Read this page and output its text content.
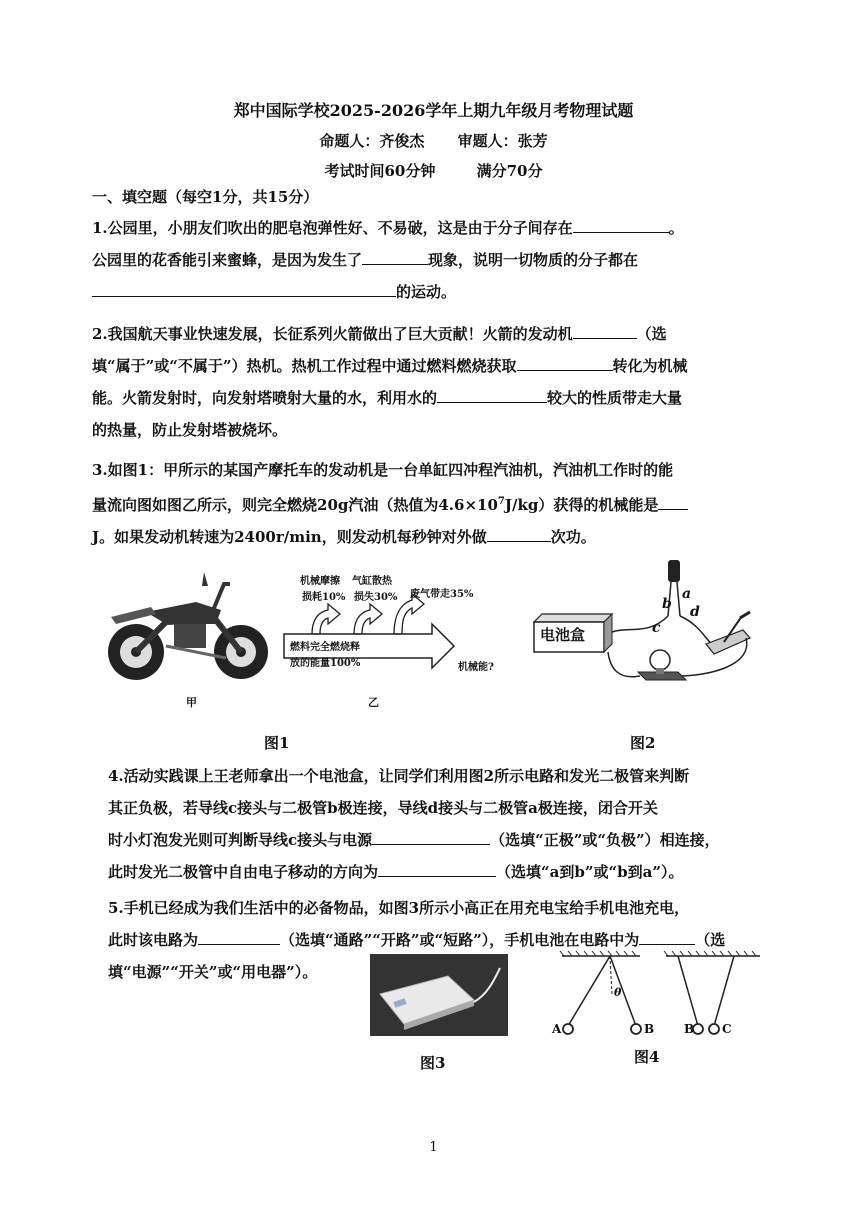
郑中国际学校2025-2026学年上期九年级月考物理试题
命题人：齐俊杰 审题人：张芳
考试时间60分钟	满分70分
一、填空题（每空1分，共15分）
1.公园里，小朋友们吹出的肥皂泡弹性好、不易破，这是由于分子间存在	。
公园里的花香能引来蜜蜂，是因为发生了	现象，说明一切物质的分子都在
的运动。
2.我国航天事业快速发展，长征系列火箭做出了巨大贡献！火箭的发动机	（选
填“属于”或“不属于”）热机。热机工作过程中通过燃料燃烧获取	转化为机械
能。火箭发射时，向发射塔喷射大量的水，利用水的	较大的性质带走大量
的热量，防止发射塔被烧坏。
3.如图1：甲所示的某国产摩托车的发动机是一台单缸四冲程汽油机，汽油机工作时的能
量流向图如图乙所示，则完全燃烧20g汽油（热值为$4.6\times 10^7J/kg$）获得的机械能是
J。如果发动机转速为2400r/min，则发动机每秒钟对外做	次功。
甲
机械摩擦
损耗10%
气缸散热
损失30% 废气带走35%
燃料完全燃烧释
放的能量100%	机械能?
乙
电池盒
a
b
c
d
图1	图2
4.活动实践课上王老师拿出一个电池盒，让同学们利用图2所示电路和发光二极管来判断
其正负极，若导线c接头与二极管b极连接，导线d接头与二极管a极连接，闭合开关
时小灯泡发光则可判断导线c接头与电源	（选填“正极”或“负极”）相连接，
此时发光二极管中自由电子移动的方向为	（选填“a到b”或“b到a”）。
5.手机已经成为我们生活中的必备物品，如图3所示小高正在用充电宝给手机电池充电，
此时该电路为	（选填“通路”“开路”或“短路”），手机电池在电路中为	（选
填“电源”“开关”或“用电器”）。
A	B
θ
B C
图3	图4
1
